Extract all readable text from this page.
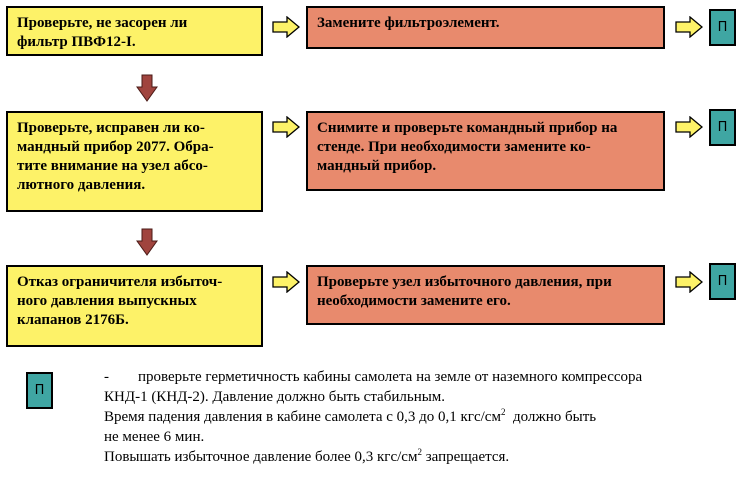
Проверьте, не засорен ли
фильтр ПВФ12-I.
Замените фильтроэлемент.	П
Проверьте, исправен ли ко-
мандный прибор 2077. Обра-
тите внимание на узел абсо-
лютного давления.
Снимите и проверьте командный прибор на
стенде. При необходимости замените ко-
мандный прибор.
П
Отказ ограничителя избыточ-
ного давления выпускных
клапанов 2176Б.
Проверьте узел избыточного давления, при
необходимости замените его.
П
П
- проверьте герметичность кабины самолета на земле от наземного компрессора
КНД-1 (КНД-2). Давление должно быть стабильным.
Время падения давления в кабине самолета с 0,3 до 0,1 кгс/$см^2$  должно быть
не менее 6 мин.
Повышать избыточное давление более 0,3 кгс/$см^2$ запрещается.
